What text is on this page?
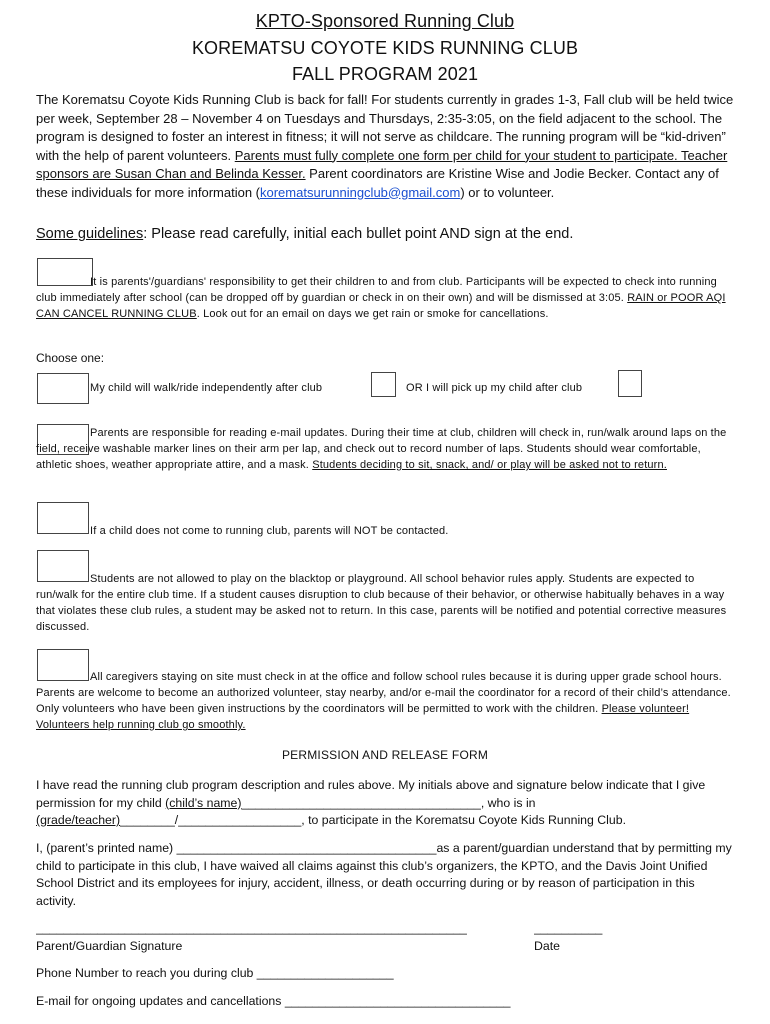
KPTO-Sponsored Running Club
KOREMATSU COYOTE KIDS RUNNING CLUB
FALL PROGRAM 2021
The Korematsu Coyote Kids Running Club is back for fall! For students currently in grades 1-3, Fall club will be held twice per week, September 28 – November 4 on Tuesdays and Thursdays, 2:35-3:05, on the field adjacent to the school. The program is designed to foster an interest in fitness; it will not serve as childcare. The running program will be “kid-driven” with the help of parent volunteers. Parents must fully complete one form per child for your student to participate. Teacher sponsors are Susan Chan and Belinda Kesser. Parent coordinators are Kristine Wise and Jodie Becker. Contact any of these individuals for more information (korematsurunningclub@gmail.com) or to volunteer.
Some guidelines: Please read carefully, initial each bullet point AND sign at the end.
It is parents'/guardians' responsibility to get their children to and from club. Participants will be expected to check into running club immediately after school (can be dropped off by guardian or check in on their own) and will be dismissed at 3:05. RAIN or POOR AQI CAN CANCEL RUNNING CLUB. Look out for an email on days we get rain or smoke for cancellations.
Choose one:
My child will walk/ride independently after club	OR I will pick up my child after club
Parents are responsible for reading e-mail updates. During their time at club, children will check in, run/walk around laps on the field, receive washable marker lines on their arm per lap, and check out to record number of laps. Students should wear comfortable, athletic shoes, weather appropriate attire, and a mask. Students deciding to sit, snack, and/ or play will be asked not to return.
If a child does not come to running club, parents will NOT be contacted.
Students are not allowed to play on the blacktop or playground. All school behavior rules apply. Students are expected to run/walk for the entire club time. If a student causes disruption to club because of their behavior, or otherwise habitually behaves in a way that violates these club rules, a student may be asked not to return. In this case, parents will be notified and potential corrective measures discussed.
All caregivers staying on site must check in at the office and follow school rules because it is during upper grade school hours. Parents are welcome to become an authorized volunteer, stay nearby, and/or e-mail the coordinator for a record of their child’s attendance. Only volunteers who have been given instructions by the coordinators will be permitted to work with the children. Please volunteer! Volunteers help running club go smoothly.
PERMISSION AND RELEASE FORM
I have read the running club program description and rules above. My initials above and signature below indicate that I give permission for my child (child’s name)___________________________________, who is in (grade/teacher)________/__________________, to participate in the Korematsu Coyote Kids Running Club.
I, (parent’s printed name) ______________________________________as a parent/guardian understand that by permitting my child to participate in this club, I have waived all claims against this club’s organizers, the KPTO, and the Davis Joint Unified School District and its employees for injury, accident, illness, or death occurring during or by reason of participation in this activity.
_______________________________________________________________	__________
Parent/Guardian Signature	Date
Phone Number to reach you during club ____________________
E-mail for ongoing updates and cancellations _________________________________
